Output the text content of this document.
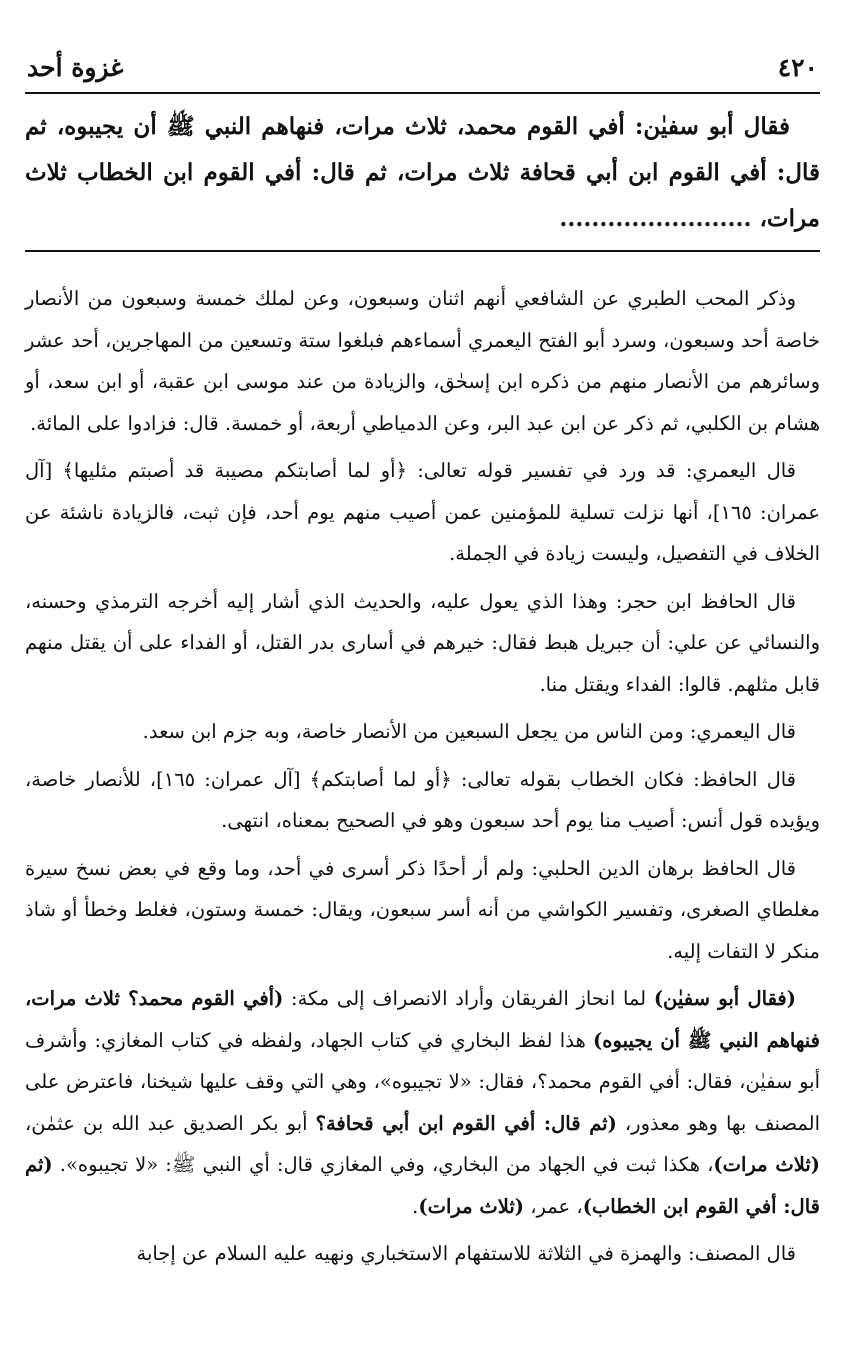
٤٢٠
غزوة أحد

فقال أبو سفيٰن: أفي القوم محمد، ثلاث مرات، فنهاهم النبي ﷺ أن يجيبوه، ثم قال: أفي القوم ابن أبي قحافة ثلاث مرات، ثم قال: أفي القوم ابن الخطاب ثلاث مرات، ........................

وذكر المحب الطبري عن الشافعي أنهم اثنان وسبعون، وعن لملك خمسة وسبعون من الأنصار خاصة أحد وسبعون، وسرد أبو الفتح اليعمري أسماءهم فبلغوا ستة وتسعين من المهاجرين، أحد عشر وسائرهم من الأنصار منهم من ذكره ابن إسحٰق، والزيادة من عند موسى ابن عقبة، أو ابن سعد، أو هشام بن الكلبي، ثم ذكر عن ابن عبد البر، وعن الدمياطي أربعة، أو خمسة. قال: فزادوا على المائة.

قال اليعمري: قد ورد في تفسير قوله تعالى: ﴿أو لما أصابتكم مصيبة قد أصبتم مثليها﴾ [آل عمران: ١٦٥]، أنها نزلت تسلية للمؤمنين عمن أصيب منهم يوم أحد، فإن ثبت، فالزيادة ناشئة عن الخلاف في التفصيل، وليست زيادة في الجملة.

قال الحافظ ابن حجر: وهذا الذي يعول عليه، والحديث الذي أشار إليه أخرجه الترمذي وحسنه، والنسائي عن علي: أن جبريل هبط فقال: خيرهم في أسارى بدر القتل، أو الفداء على أن يقتل منهم قابل مثلهم. قالوا: الفداء ويقتل منا.

قال اليعمري: ومن الناس من يجعل السبعين من الأنصار خاصة، وبه جزم ابن سعد.

قال الحافظ: فكان الخطاب بقوله تعالى: ﴿أو لما أصابتكم﴾ [آل عمران: ١٦٥]، للأنصار خاصة، ويؤيده قول أنس: أصيب منا يوم أحد سبعون وهو في الصحيح بمعناه، انتهى.

قال الحافظ برهان الدين الحلبي: ولم أر أحدًا ذكر أسرى في أحد، وما وقع في بعض نسخ سيرة مغلطاي الصغرى، وتفسير الكواشي من أنه أسر سبعون، ويقال: خمسة وستون، فغلط وخطأ أو شاذ منكر لا التفات إليه.

(فقال أبو سفيٰن) لما انحاز الفريقان وأراد الانصراف إلى مكة: (أفي القوم محمد؟ ثلاث مرات، فنهاهم النبي ﷺ أن يجيبوه) هذا لفظ البخاري في كتاب الجهاد، ولفظه في كتاب المغازي: وأشرف أبو سفيٰن، فقال: أفي القوم محمد؟، فقال: «لا تجيبوه»، وهي التي وقف عليها شيخنا، فاعترض على المصنف بها وهو معذور، (ثم قال: أفي القوم ابن أبي قحافة؟ أبو بكر الصديق عبد الله بن عثمٰن، (ثلاث مرات)، هكذا ثبت في الجهاد من البخاري، وفي المغازي قال: أي النبي ﷺ: «لا تجيبوه». (ثم قال: أفي القوم ابن الخطاب)، عمر، (ثلاث مرات).

قال المصنف: والهمزة في الثلاثة للاستفهام الاستخباري ونهيه عليه السلام عن إجابة
